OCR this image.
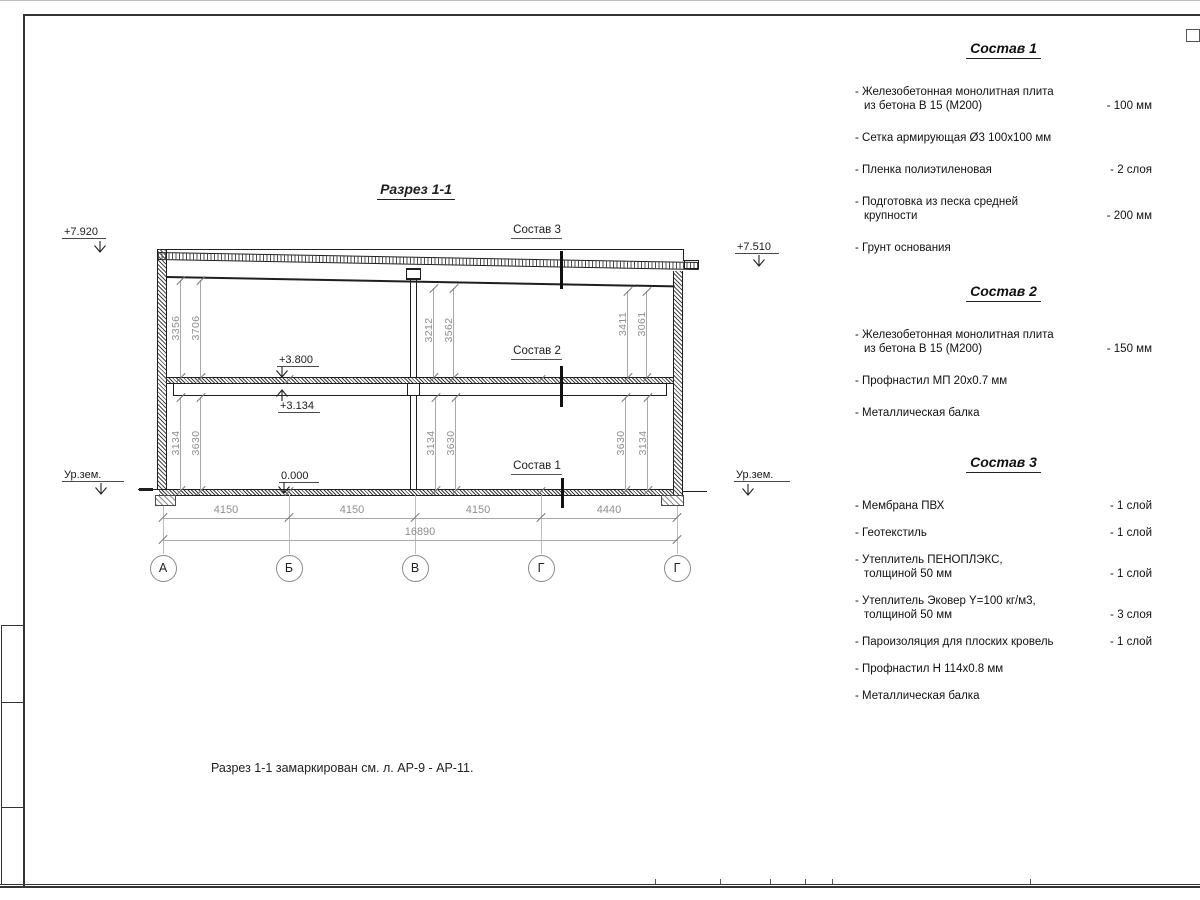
Разрез 1-1
Состав 3
Состав 2
Состав 1
3356 3706	3212 3562	3411 3061
3134 3630	3134 3630	3630 3134
4150	4150	4150	4440
16890
А	Б	В	Г	Г
+7.920
+7.510
+3.800
+3.134
0.000
Ур.зем.	Ур.зем.
Состав 1
- Железобетонная монолитная плита
из бетона В 15 (М200)	- 100 мм
- Сетка армирующая Ø3 100х100 мм
- Пленка полиэтиленовая	- 2 слоя
- Подготовка из песка средней
крупности	- 200 мм
- Грунт основания
Состав 2
- Железобетонная монолитная плита
из бетона В 15 (М200)	- 150 мм
- Профнастил МП 20х0.7 мм
- Металлическая балка
Состав 3
- Мембрана ПВХ	- 1 слой
- Геотекстиль	- 1 слой
- Утеплитель ПЕНОПЛЭКС,
толщиной 50 мм	- 1 слой
- Утеплитель Эковер Y=100 кг/м3,
толщиной 50 мм	- 3 слоя
- Пароизоляция для плоских кровель	- 1 слой
- Профнастил Н 114х0.8 мм
- Металлическая балка
Разрез 1-1 замаркирован см. л. АР-9 - АР-11.
